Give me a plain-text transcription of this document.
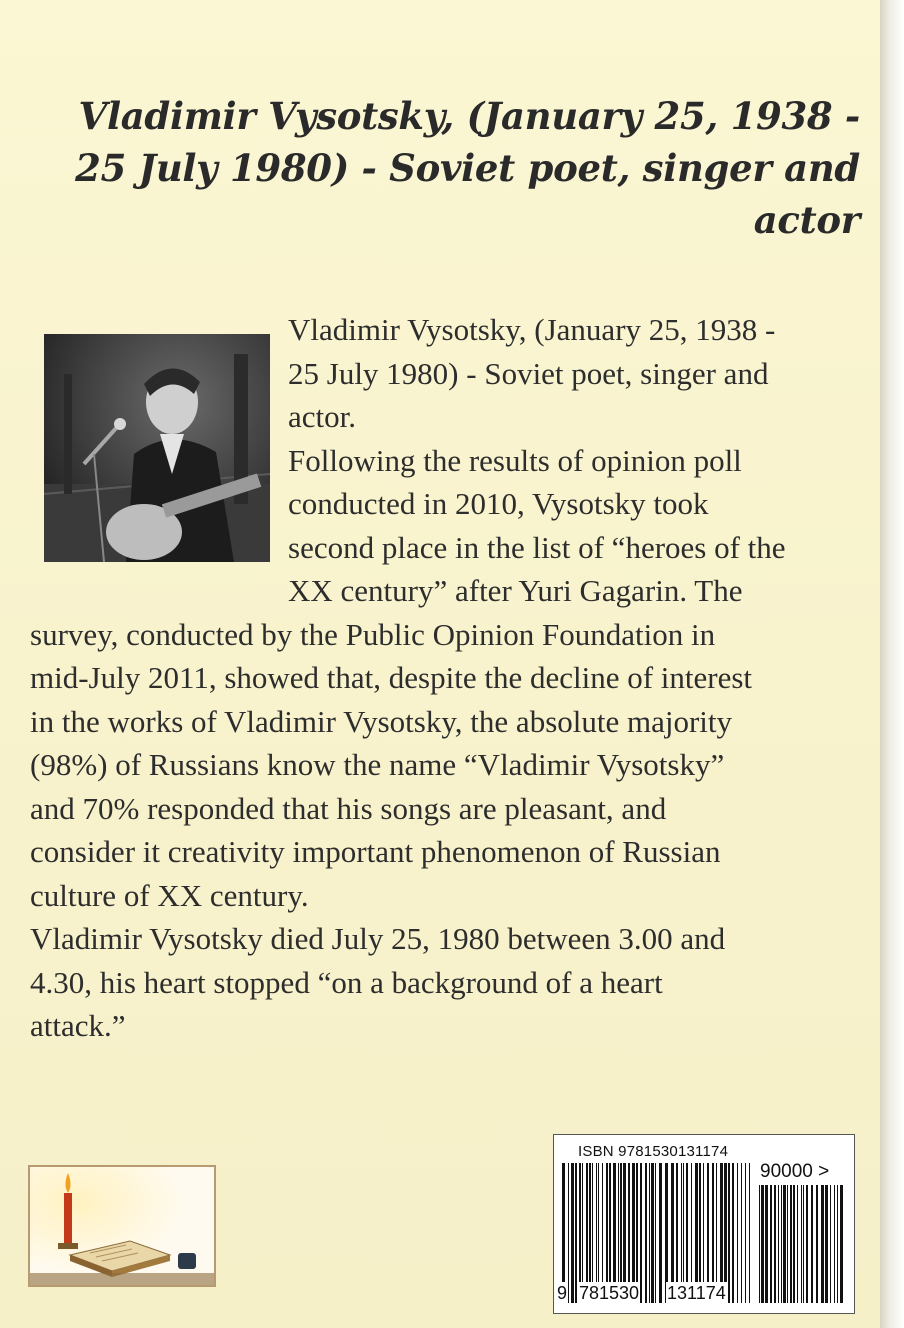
Vladimir Vysotsky, (January 25, 1938 -
25 July 1980) - Soviet poet, singer and actor
Vladimir Vysotsky, (January 25, 1938 -
25 July 1980) - Soviet poet, singer and
actor.
Following the results of opinion poll
conducted in 2010, Vysotsky took
second place in the list of “heroes of the
XX century” after Yuri Gagarin. The
survey, conducted by the Public Opinion Foundation in
mid-July 2011, showed that, despite the decline of interest
in the works of Vladimir Vysotsky, the absolute majority
(98%) of Russians know the name “Vladimir Vysotsky”
and 70% responded that his songs are pleasant, and
consider it creativity important phenomenon of Russian
culture of XX century.
Vladimir Vysotsky died July 25, 1980 between 3.00 and
4.30, his heart stopped “on a background of a heart
attack.”
ISBN 9781530131174
90000 >
9 781530 131174
